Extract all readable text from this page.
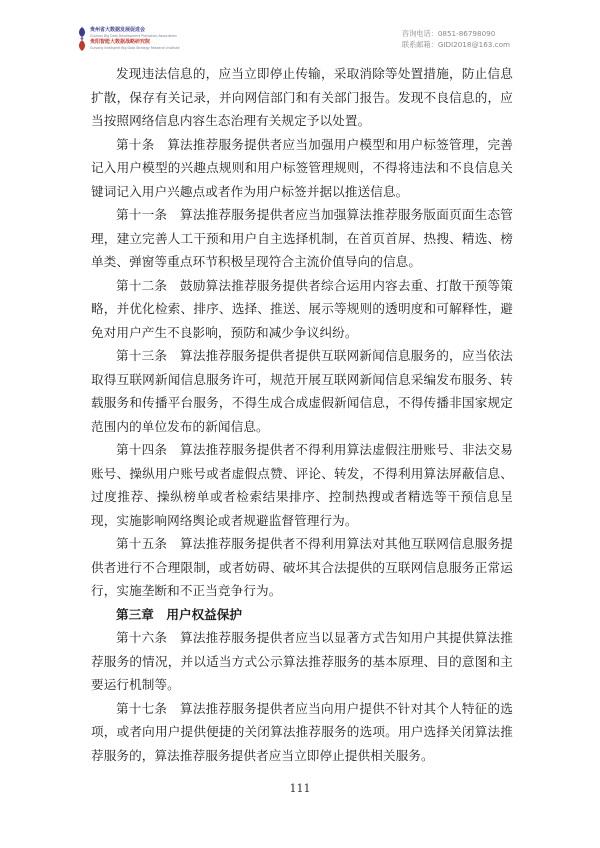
贵州省大数据发展促进会
Guizhou Big Data Development Promotion Association
贵阳智能大数据战略研究院
Guiyang Intelligent Big Data Strategy Research Institute
咨询电话：0851-86798090
联系邮箱：GIDI2018@163.com

发现违法信息的，应当立即停止传输，采取消除等处置措施，防止信息扩散，保存有关记录，并向网信部门和有关部门报告。发现不良信息的，应当按照网络信息内容生态治理有关规定予以处置。

第十条　算法推荐服务提供者应当加强用户模型和用户标签管理，完善记入用户模型的兴趣点规则和用户标签管理规则，不得将违法和不良信息关键词记入用户兴趣点或者作为用户标签并据以推送信息。

第十一条　算法推荐服务提供者应当加强算法推荐服务版面页面生态管理，建立完善人工干预和用户自主选择机制，在首页首屏、热搜、精选、榜单类、弹窗等重点环节积极呈现符合主流价值导向的信息。

第十二条　鼓励算法推荐服务提供者综合运用内容去重、打散干预等策略，并优化检索、排序、选择、推送、展示等规则的透明度和可解释性，避免对用户产生不良影响，预防和减少争议纠纷。

第十三条　算法推荐服务提供者提供互联网新闻信息服务的，应当依法取得互联网新闻信息服务许可，规范开展互联网新闻信息采编发布服务、转载服务和传播平台服务，不得生成合成虚假新闻信息，不得传播非国家规定范围内的单位发布的新闻信息。

第十四条　算法推荐服务提供者不得利用算法虚假注册账号、非法交易账号、操纵用户账号或者虚假点赞、评论、转发，不得利用算法屏蔽信息、过度推荐、操纵榜单或者检索结果排序、控制热搜或者精选等干预信息呈现，实施影响网络舆论或者规避监督管理行为。

第十五条　算法推荐服务提供者不得利用算法对其他互联网信息服务提供者进行不合理限制，或者妨碍、破坏其合法提供的互联网信息服务正常运行，实施垄断和不正当竞争行为。

第三章　用户权益保护

第十六条　算法推荐服务提供者应当以显著方式告知用户其提供算法推荐服务的情况，并以适当方式公示算法推荐服务的基本原理、目的意图和主要运行机制等。

第十七条　算法推荐服务提供者应当向用户提供不针对其个人特征的选项，或者向用户提供便捷的关闭算法推荐服务的选项。用户选择关闭算法推荐服务的，算法推荐服务提供者应当立即停止提供相关服务。

111
